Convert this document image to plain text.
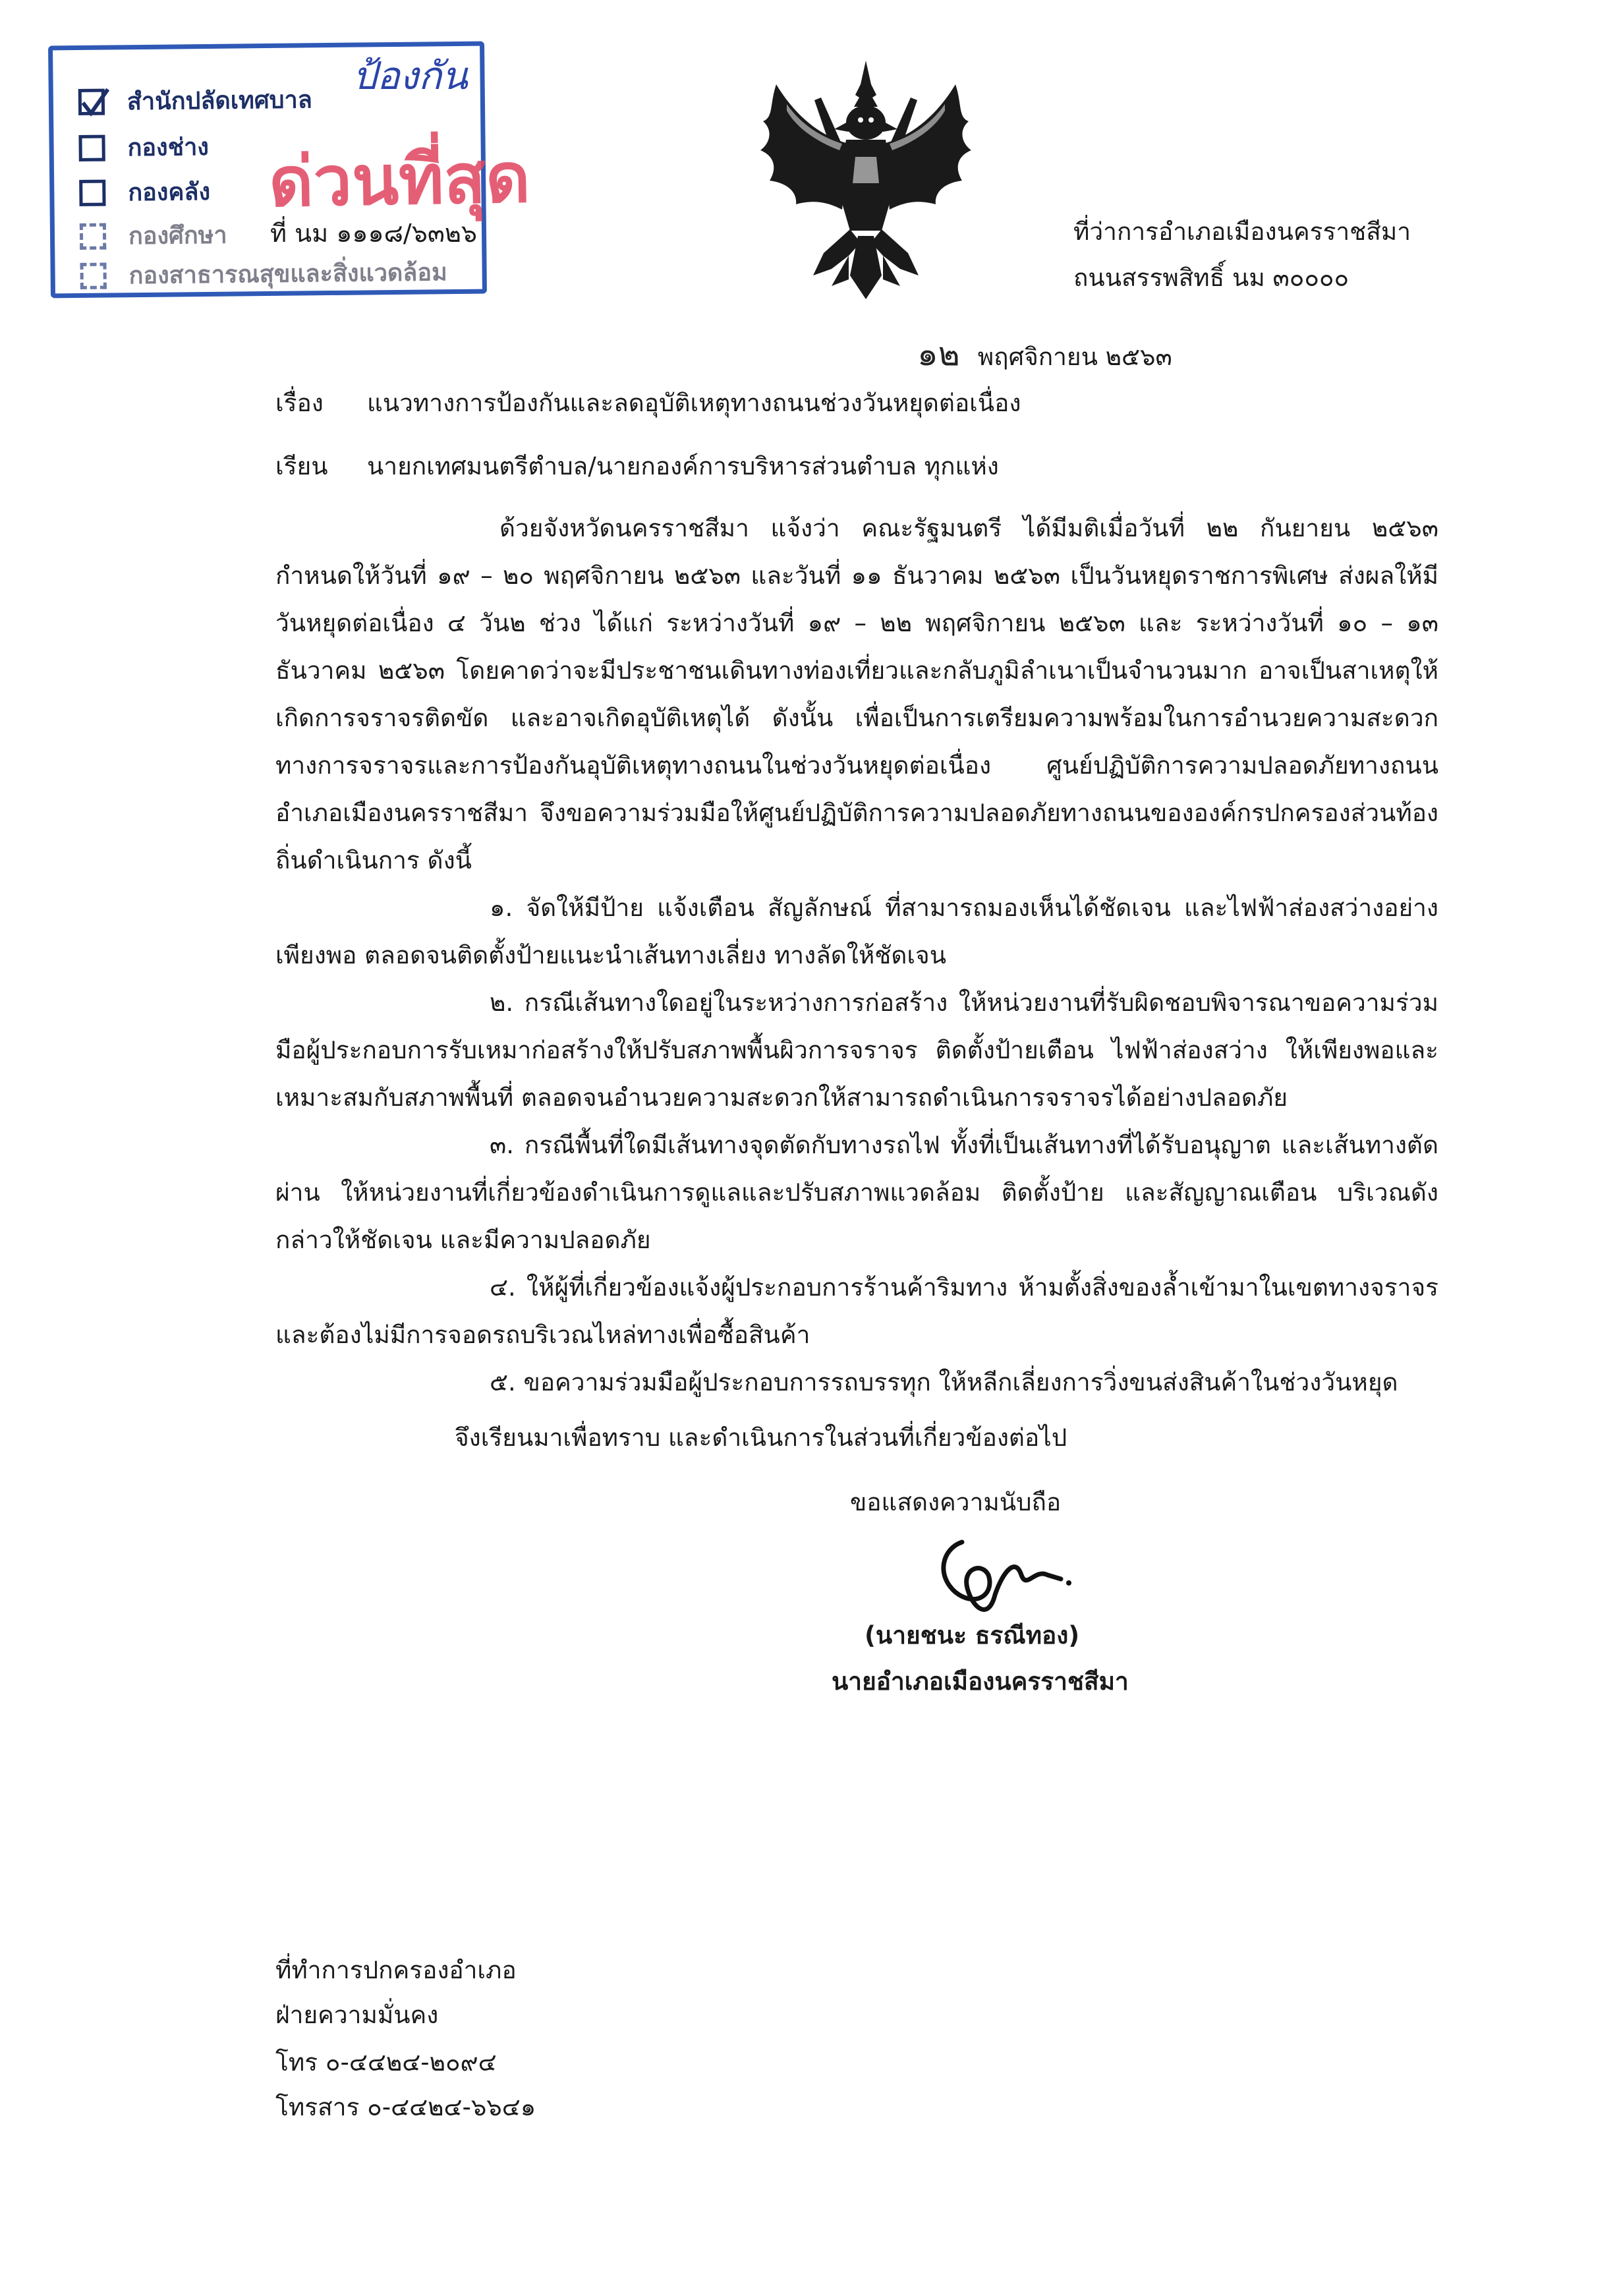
สำนักปลัดเทศบาล
กองช่าง
กองคลัง
กองศึกษา
กองสาธารณสุขและสิ่งแวดล้อม
ด่วนที่สุด
ป้องกัน
ที่ นม ๑๑๑๘/๖๓๒๖	ที่ว่าการอำเภอเมืองนครราชสีมา
ถนนสรรพสิทธิ์ นม ๓๐๐๐๐
๑๒ พฤศจิกายน ๒๕๖๓
เรื่อง แนวทางการป้องกันและลดอุบัติเหตุทางถนนช่วงวันหยุดต่อเนื่อง
เรียน นายกเทศมนตรีตำบล/นายกองค์การบริหารส่วนตำบล ทุกแห่ง

ด้วยจังหวัดนครราชสีมา แจ้งว่า คณะรัฐมนตรี ได้มีมติเมื่อวันที่ ๒๒ กันยายน ๒๕๖๓ กำหนดให้วันที่ ๑๙ – ๒๐ พฤศจิกายน ๒๕๖๓ และวันที่ ๑๑ ธันวาคม ๒๕๖๓ เป็นวันหยุดราชการพิเศษ ส่งผลให้มีวันหยุดต่อเนื่อง ๔ วัน๒ ช่วง ได้แก่ ระหว่างวันที่ ๑๙ – ๒๒ พฤศจิกายน ๒๕๖๓ และ ระหว่างวันที่ ๑๐ – ๑๓ ธันวาคม ๒๕๖๓ โดยคาดว่าจะมีประชาชนเดินทางท่องเที่ยวและกลับภูมิลำเนาเป็นจำนวนมาก อาจเป็นสาเหตุให้เกิดการจราจรติดขัด และอาจเกิดอุบัติเหตุได้ ดังนั้น เพื่อเป็นการเตรียมความพร้อมในการอำนวยความสะดวกทางการจราจรและการป้องกันอุบัติเหตุทางถนนในช่วงวันหยุดต่อเนื่อง ศูนย์ปฏิบัติการความปลอดภัยทางถนนอำเภอเมืองนครราชสีมา จึงขอความร่วมมือให้ศูนย์ปฏิบัติการความปลอดภัยทางถนนขององค์กรปกครองส่วนท้องถิ่นดำเนินการ ดังนี้

๑. จัดให้มีป้าย แจ้งเตือน สัญลักษณ์ ที่สามารถมองเห็นได้ชัดเจน และไฟฟ้าส่องสว่างอย่างเพียงพอ ตลอดจนติดตั้งป้ายแนะนำเส้นทางเลี่ยง ทางลัดให้ชัดเจน

๒. กรณีเส้นทางใดอยู่ในระหว่างการก่อสร้าง ให้หน่วยงานที่รับผิดชอบพิจารณาขอความร่วมมือผู้ประกอบการรับเหมาก่อสร้างให้ปรับสภาพพื้นผิวการจราจร ติดตั้งป้ายเตือน ไฟฟ้าส่องสว่าง ให้เพียงพอและเหมาะสมกับสภาพพื้นที่ ตลอดจนอำนวยความสะดวกให้สามารถดำเนินการจราจรได้อย่างปลอดภัย

๓. กรณีพื้นที่ใดมีเส้นทางจุดตัดกับทางรถไฟ ทั้งที่เป็นเส้นทางที่ได้รับอนุญาต และเส้นทางตัดผ่าน ให้หน่วยงานที่เกี่ยวข้องดำเนินการดูแลและปรับสภาพแวดล้อม ติดตั้งป้าย และสัญญาณเตือน บริเวณดังกล่าวให้ชัดเจน และมีความปลอดภัย

๔. ให้ผู้ที่เกี่ยวข้องแจ้งผู้ประกอบการร้านค้าริมทาง ห้ามตั้งสิ่งของล้ำเข้ามาในเขตทางจราจร และต้องไม่มีการจอดรถบริเวณไหล่ทางเพื่อซื้อสินค้า

๕. ขอความร่วมมือผู้ประกอบการรถบรรทุก ให้หลีกเลี่ยงการวิ่งขนส่งสินค้าในช่วงวันหยุด

จึงเรียนมาเพื่อทราบ และดำเนินการในส่วนที่เกี่ยวข้องต่อไป
ขอแสดงความนับถือ
(นายชนะ ธรณีทอง)
นายอำเภอเมืองนครราชสีมา
ที่ทำการปกครองอำเภอ
ฝ่ายความมั่นคง
โทร ๐-๔๔๒๔-๒๐๙๔
โทรสาร ๐-๔๔๒๔-๖๖๔๑
